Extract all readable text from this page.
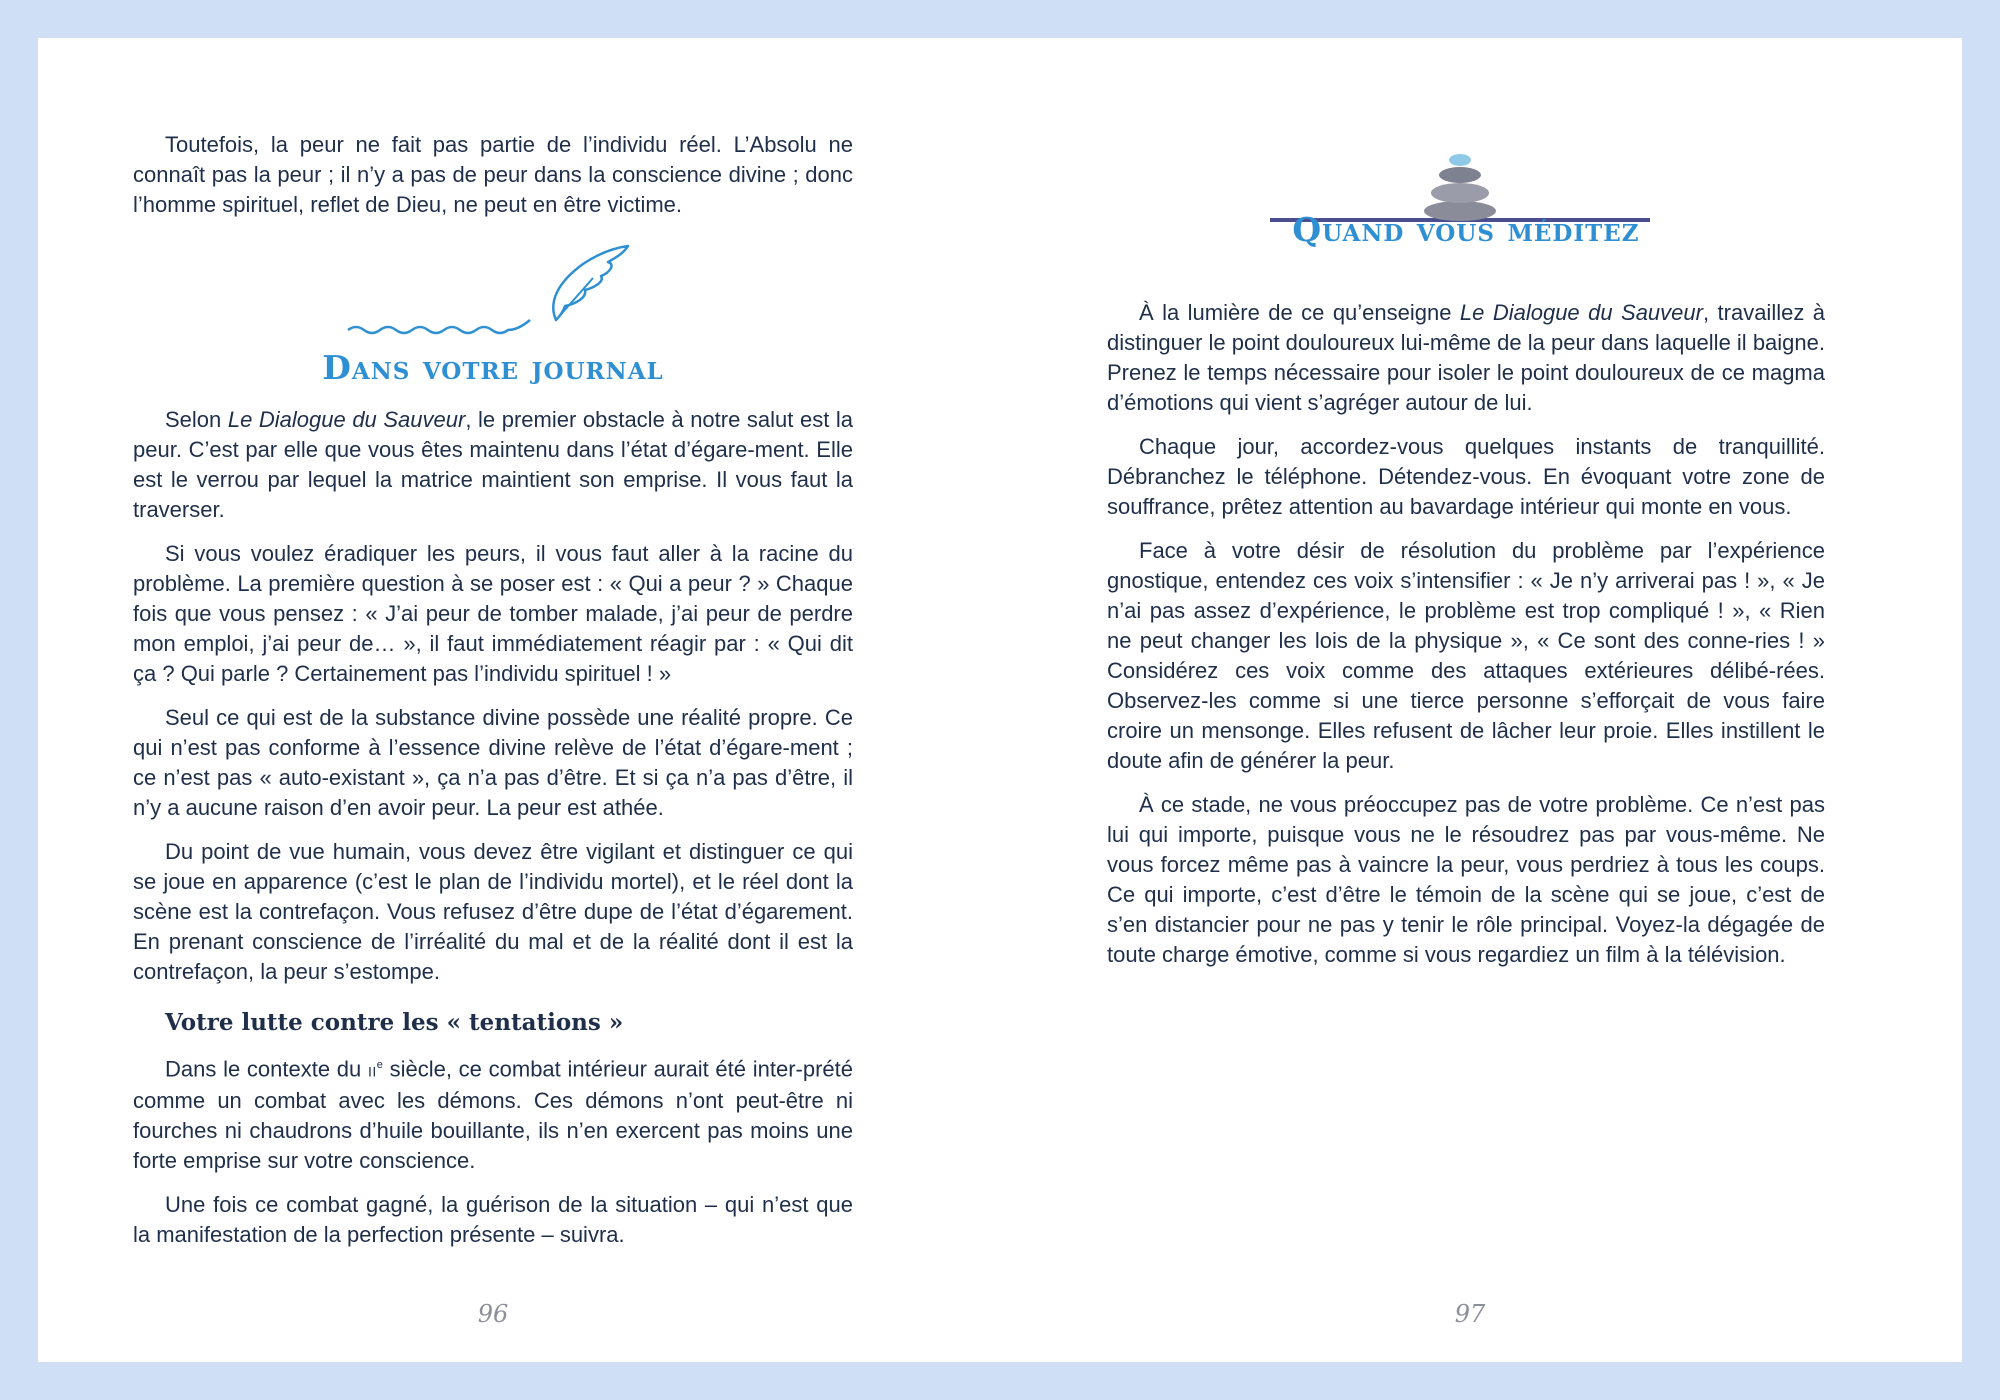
Toutefois, la peur ne fait pas partie de l’individu réel. L’Absolu ne connaît pas la peur ; il n’y a pas de peur dans la conscience divine ; donc l’homme spirituel, reflet de Dieu, ne peut en être victime.

Dans votre journal

Selon Le Dialogue du Sauveur, le premier obstacle à notre salut est la peur. C’est par elle que vous êtes maintenu dans l’état d’égare-ment. Elle est le verrou par lequel la matrice maintient son emprise. Il vous faut la traverser.

Si vous voulez éradiquer les peurs, il vous faut aller à la racine du problème. La première question à se poser est : « Qui a peur ? » Chaque fois que vous pensez : « J’ai peur de tomber malade, j’ai peur de perdre mon emploi, j’ai peur de… », il faut immédiatement réagir par : « Qui dit ça ? Qui parle ? Certainement pas l’individu spirituel ! »

Seul ce qui est de la substance divine possède une réalité propre. Ce qui n’est pas conforme à l’essence divine relève de l’état d’égare-ment ; ce n’est pas « auto-existant », ça n’a pas d’être. Et si ça n’a pas d’être, il n’y a aucune raison d’en avoir peur. La peur est athée.

Du point de vue humain, vous devez être vigilant et distinguer ce qui se joue en apparence (c’est le plan de l’individu mortel), et le réel dont la scène est la contrefaçon. Vous refusez d’être dupe de l’état d’égarement. En prenant conscience de l’irréalité du mal et de la réalité dont il est la contrefaçon, la peur s’estompe.

Votre lutte contre les « tentations »

Dans le contexte du IIe siècle, ce combat intérieur aurait été inter-prété comme un combat avec les démons. Ces démons n’ont peut-être ni fourches ni chaudrons d’huile bouillante, ils n’en exercent pas moins une forte emprise sur votre conscience.

Une fois ce combat gagné, la guérison de la situation – qui n’est que la manifestation de la perfection présente – suivra.

96
Quand vous méditez

À la lumière de ce qu’enseigne Le Dialogue du Sauveur, travaillez à distinguer le point douloureux lui-même de la peur dans laquelle il baigne. Prenez le temps nécessaire pour isoler le point douloureux de ce magma d’émotions qui vient s’agréger autour de lui.

Chaque jour, accordez-vous quelques instants de tranquillité. Débranchez le téléphone. Détendez-vous. En évoquant votre zone de souffrance, prêtez attention au bavardage intérieur qui monte en vous.

Face à votre désir de résolution du problème par l’expérience gnostique, entendez ces voix s’intensifier : « Je n’y arriverai pas ! », « Je n’ai pas assez d’expérience, le problème est trop compliqué ! », « Rien ne peut changer les lois de la physique », « Ce sont des conne-ries ! » Considérez ces voix comme des attaques extérieures délibé-rées. Observez-les comme si une tierce personne s’efforçait de vous faire croire un mensonge. Elles refusent de lâcher leur proie. Elles instillent le doute afin de générer la peur.

À ce stade, ne vous préoccupez pas de votre problème. Ce n’est pas lui qui importe, puisque vous ne le résoudrez pas par vous-même. Ne vous forcez même pas à vaincre la peur, vous perdriez à tous les coups. Ce qui importe, c’est d’être le témoin de la scène qui se joue, c’est de s’en distancier pour ne pas y tenir le rôle principal. Voyez-la dégagée de toute charge émotive, comme si vous regardiez un film à la télévision.

97
